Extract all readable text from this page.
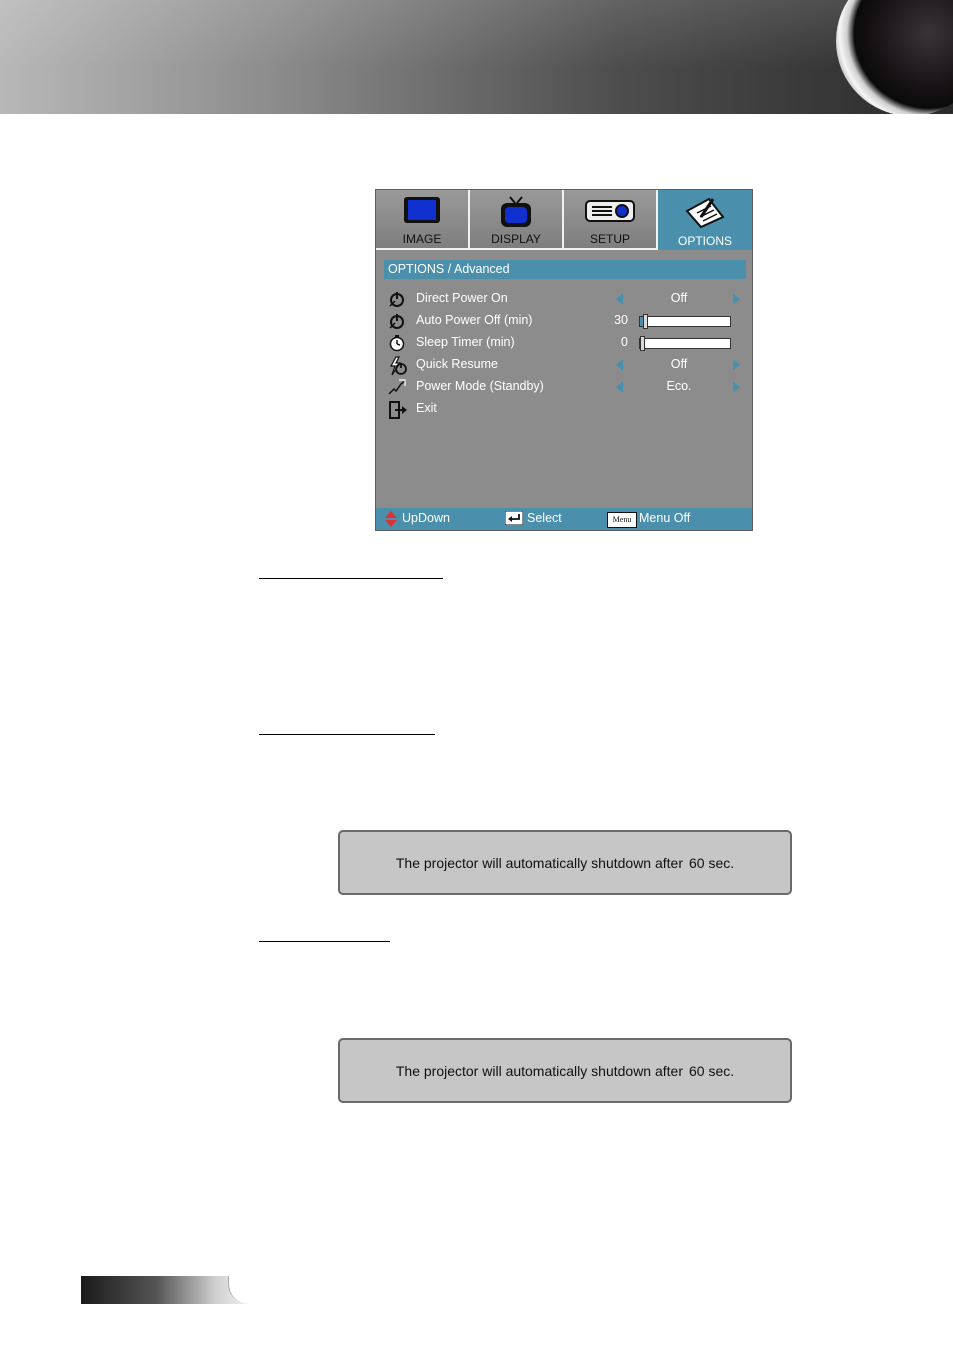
IMAGE	DISPLAY	SETUP	OPTIONS
OPTIONS / Advanced
Direct Power On	Off
Auto Power Off (min)	30
Sleep Timer (min)	0
Quick Resume	Off
Power Mode (Standby)	Eco.
Exit
UpDown	Select	Menu Menu Off
The projector will automatically shutdown after 60 sec.
The projector will automatically shutdown after 60 sec.
